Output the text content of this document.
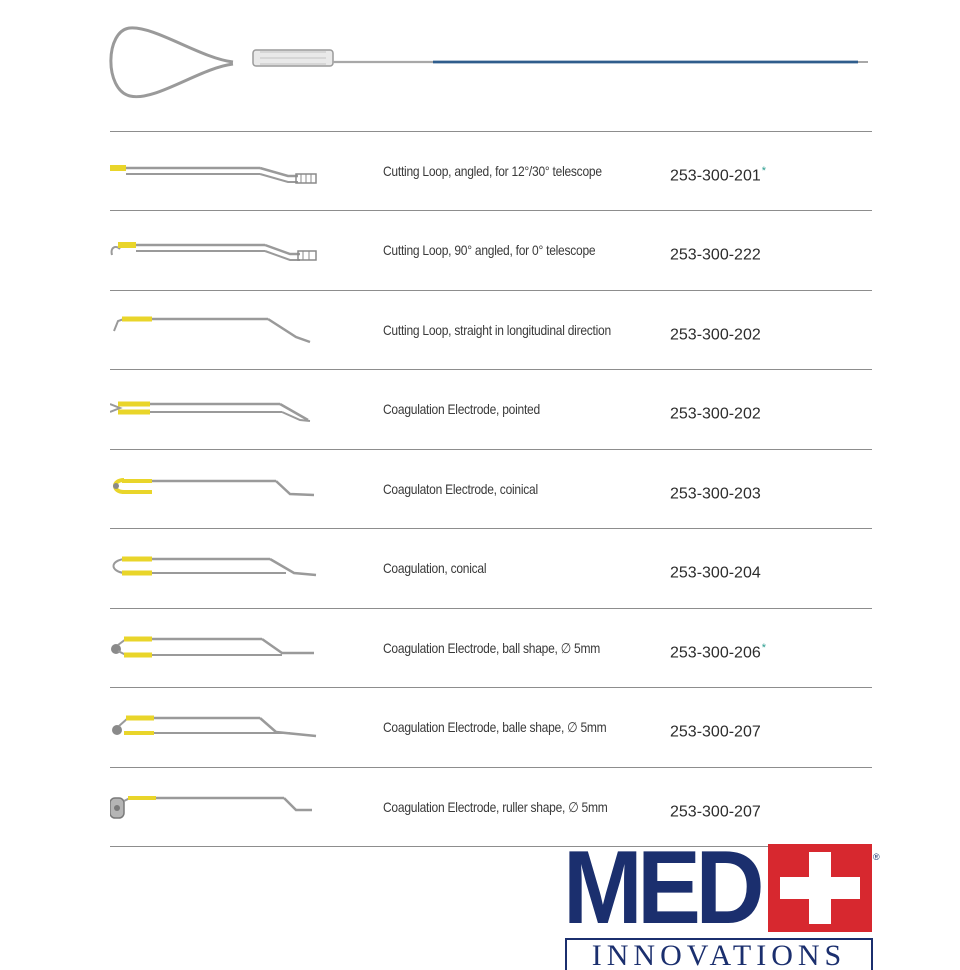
Cutting Loop, angled, for 12°/30° telescope	253-300-201*
Cutting Loop, 90° angled, for 0° telescope	253-300-222
Cutting Loop, straight in longitudinal direction	253-300-202
Coagulation Electrode, pointed	253-300-202
Coagulaton Electrode, coinical	253-300-203
Coagulation, conical	253-300-204
Coagulation Electrode, ball shape, ∅ 5mm	253-300-206*
Coagulation Electrode, balle shape, ∅ 5mm	253-300-207
Coagulation Electrode, ruller shape, ∅ 5mm	253-300-207
MED	®
INNOVATIONS
